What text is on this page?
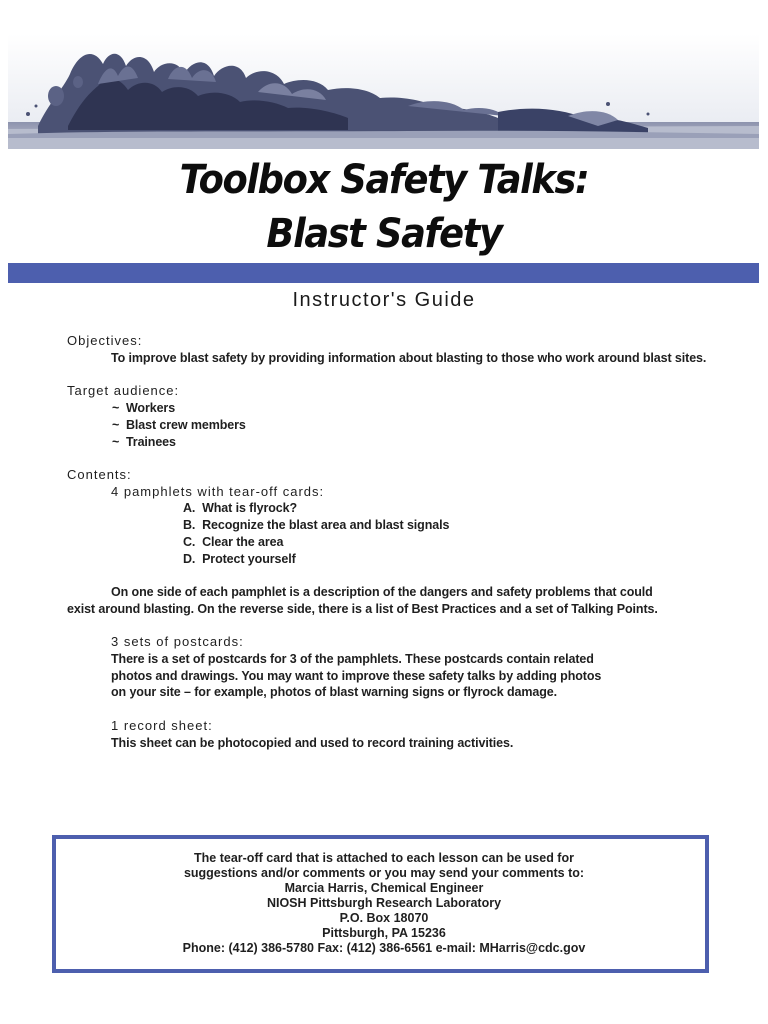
Toolbox Safety Talks:
Blast Safety
Instructor's Guide
Objectives:
To improve blast safety by providing information about blasting to those who work around blast sites.
Target audience:
~ Workers
~ Blast crew members
~ Trainees
Contents:
4 pamphlets with tear-off cards:
A. What is flyrock?
B. Recognize the blast area and blast signals
C. Clear the area
D. Protect yourself
On one side of each pamphlet is a description of the dangers and safety problems that could
exist around blasting. On the reverse side, there is a list of Best Practices and a set of Talking Points.
3 sets of postcards:
There is a set of postcards for 3 of the pamphlets. These postcards contain related
photos and drawings. You may want to improve these safety talks by adding photos
on your site – for example, photos of blast warning signs or flyrock damage.
1 record sheet:
This sheet can be photocopied and used to record training activities.
The tear-off card that is attached to each lesson can be used for
suggestions and/or comments or you may send your comments to:
Marcia Harris, Chemical Engineer
NIOSH Pittsburgh Research Laboratory
P.O. Box 18070
Pittsburgh, PA 15236
Phone: (412) 386-5780 Fax: (412) 386-6561 e-mail: MHarris@cdc.gov
